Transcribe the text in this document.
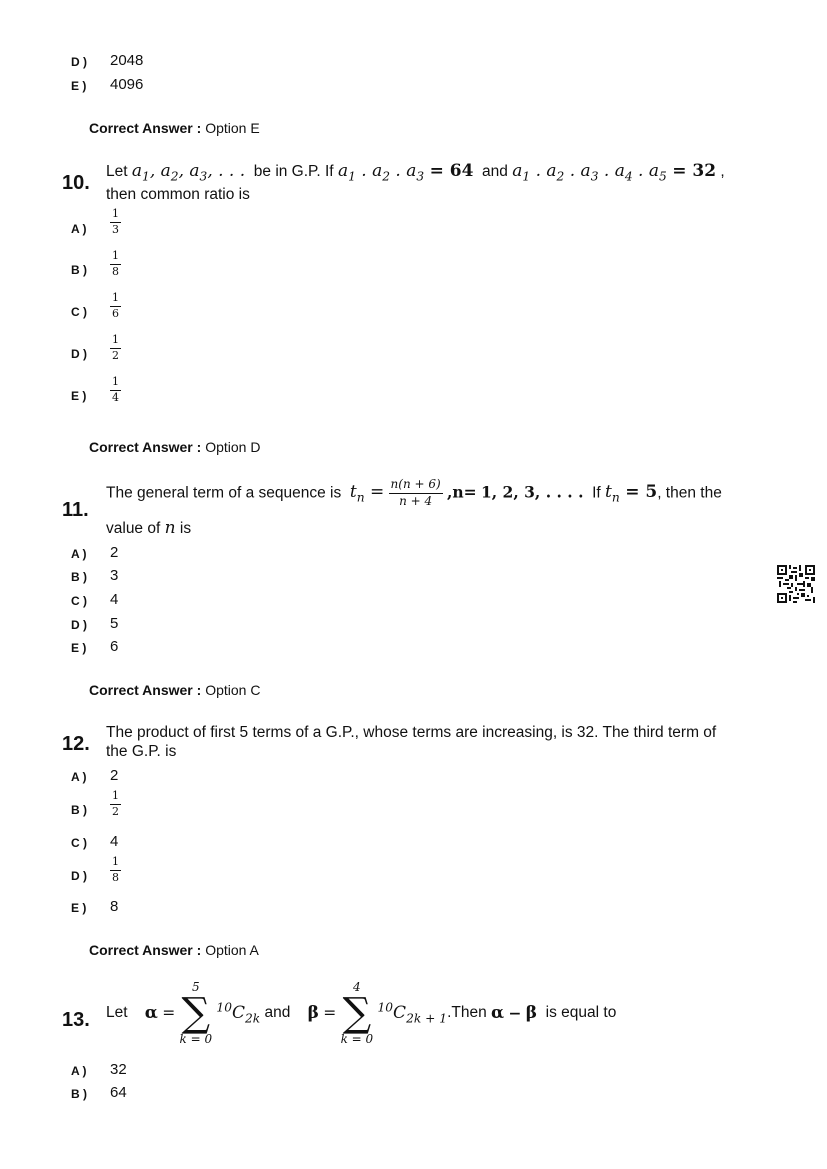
D ) 2048
E ) 4096
Correct Answer : Option E
10.
Let $a_1$, $a_2$, $a_3$, . . . be in G.P. If $a_1$ . $a_2$ . $a_3 = 64$ and $a_1$ . $a_2$ . $a_3$ . $a_4$ . $a_5 = 32$ ,
then common ratio is
A ) $\frac{1}{3}$
B ) $\frac{1}{8}$
C ) $\frac{1}{6}$
D ) $\frac{1}{2}$
E ) $\frac{1}{4}$
Correct Answer : Option D
11.
The general term of a sequence is $t_n = \frac{n(n + 6)}{n + 4} ,n= 1$, 2, 3, . . . . If $t_n = 5$, then the
value of n is
A ) 2
B ) 3
C ) 4
D ) 5
E ) 6
Correct Answer : Option C
12.
The product of first 5 terms of a G.P., whose terms are increasing, is 32. The third term of
the G.P. is
A ) 2
B ) $\frac{1}{2}$
C ) 4
D ) $\frac{1}{8}$
E ) 8
Correct Answer : Option A
13. Let α =
5
∑
k = 0
$^{10}C_{2k}$ and β =
4
∑
k = 0
$^{10}C_{2k + 1}.Then$ α − β is equal to
A ) 32
B ) 64
